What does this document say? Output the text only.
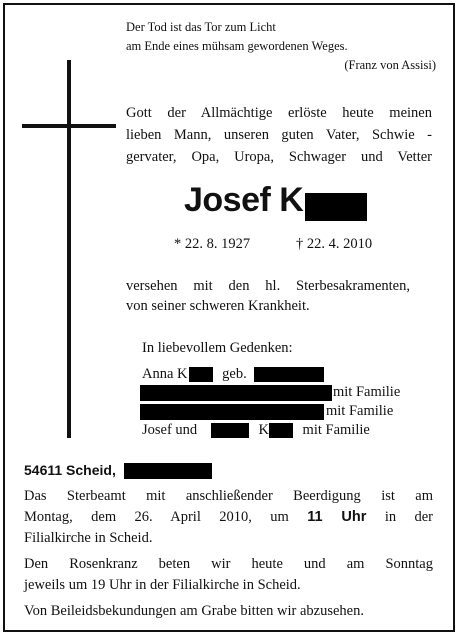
Der Tod ist das Tor zum Licht
am Ende eines mühsam gewordenen Weges.
(Franz von Assisi)
Gott der Allmächtige erlöste heute meinen
lieben Mann, unseren guten Vater, Schwie -
gervater, Opa, Uropa, Schwager und Vetter
Josef K
* 22. 8. 1927	† 22. 4. 2010
versehen mit den hl. Sterbesakramenten,
von seiner schweren Krankheit.
In liebevollem Gedenken:
Anna K geb.
mit Familie
mit Familie
Josef und	K mit Familie
54611 Scheid,
Das Sterbeamt mit anschließender Beerdigung ist am
Montag, dem 26. April 2010, um 11 Uhr in der
Filialkirche in Scheid.
Den Rosenkranz beten wir heute und am Sonntag
jeweils um 19 Uhr in der Filialkirche in Scheid.
Von Beileidsbekundungen am Grabe bitten wir abzusehen.
